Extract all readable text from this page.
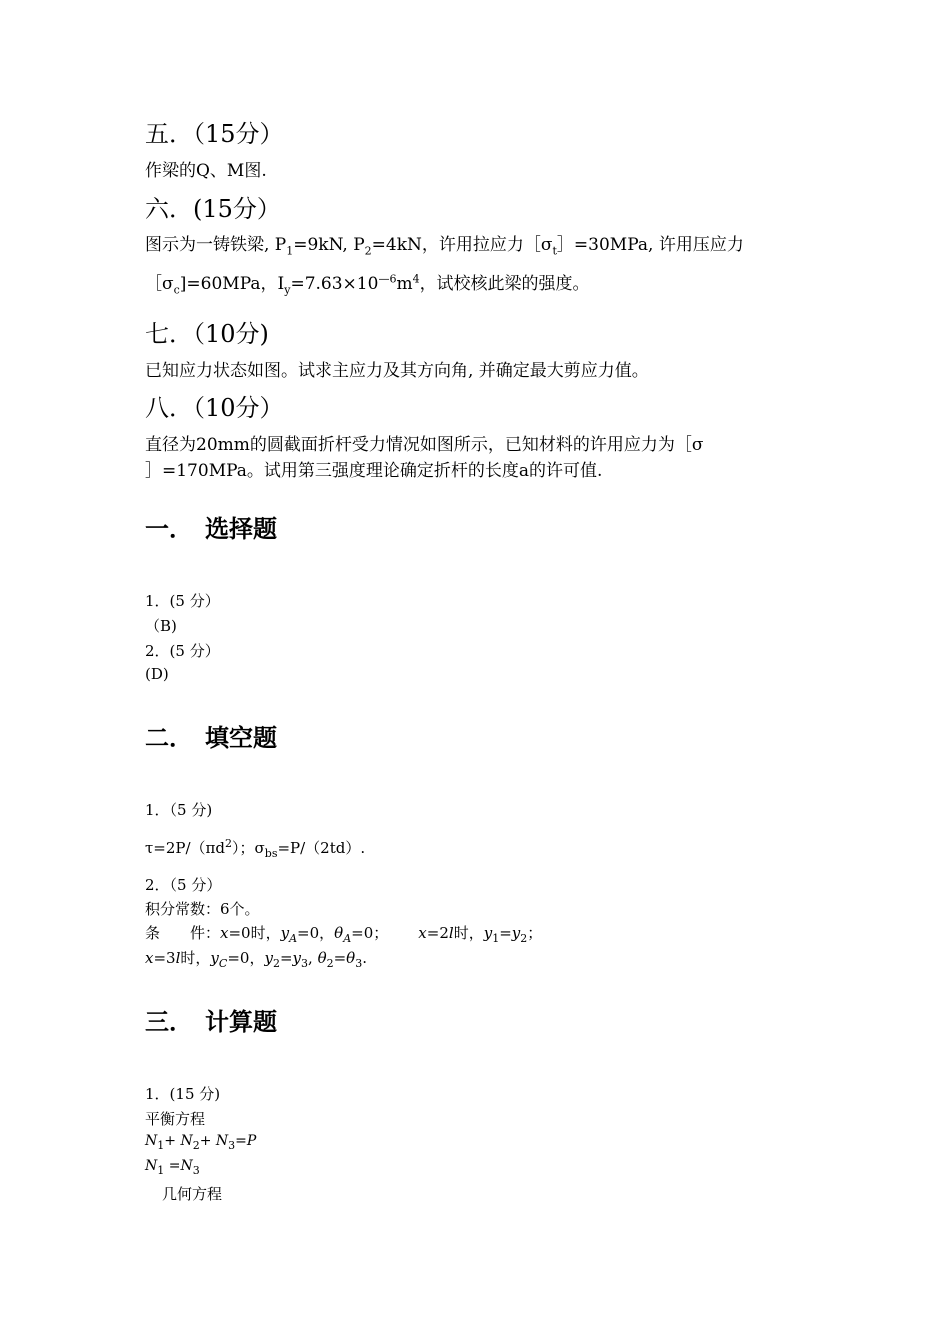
五．（15分）
作梁的Q、M图.
六．(15分）
图示为一铸铁梁, $P_1=9kN$, $P_2=4kN$，许用拉应力$[\sigma_t]=30MPa$, 许用压应力
$[\sigma_c]=60MPa$，$I_y=7.63\times 10^{—6}m^4$，试校核此梁的强度。
七．（10分)
已知应力状态如图。试求主应力及其方向角, 并确定最大剪应力值。
八．（10分）
直径为20mm的圆截面折杆受力情况如图所示，已知材料的许用应力为［σ
］=170MPa。试用第三强度理论确定折杆的长度a的许可值.
一．　选择题
1．(5 分）
（B)
2．(5 分）
(D)
二．　填空题
1．（5 分)
$\tau=2P/(\pi d^2)$；$\sigma_{bs}=P/(2td)$.
2．（5 分）
积分常数：6个。
条　　件：x=0时，$y_A=0$，$\theta_A=0$； x=2l时，$y_1=y_2$；
x=3l时，$y_C=0$，$y_2=y_3$, $\theta_2=\theta_3$.
三．　计算题
1．(15 分)
平衡方程
$N_1+ N_2+ N_3=P$
$N_1 =N_3$
几何方程
